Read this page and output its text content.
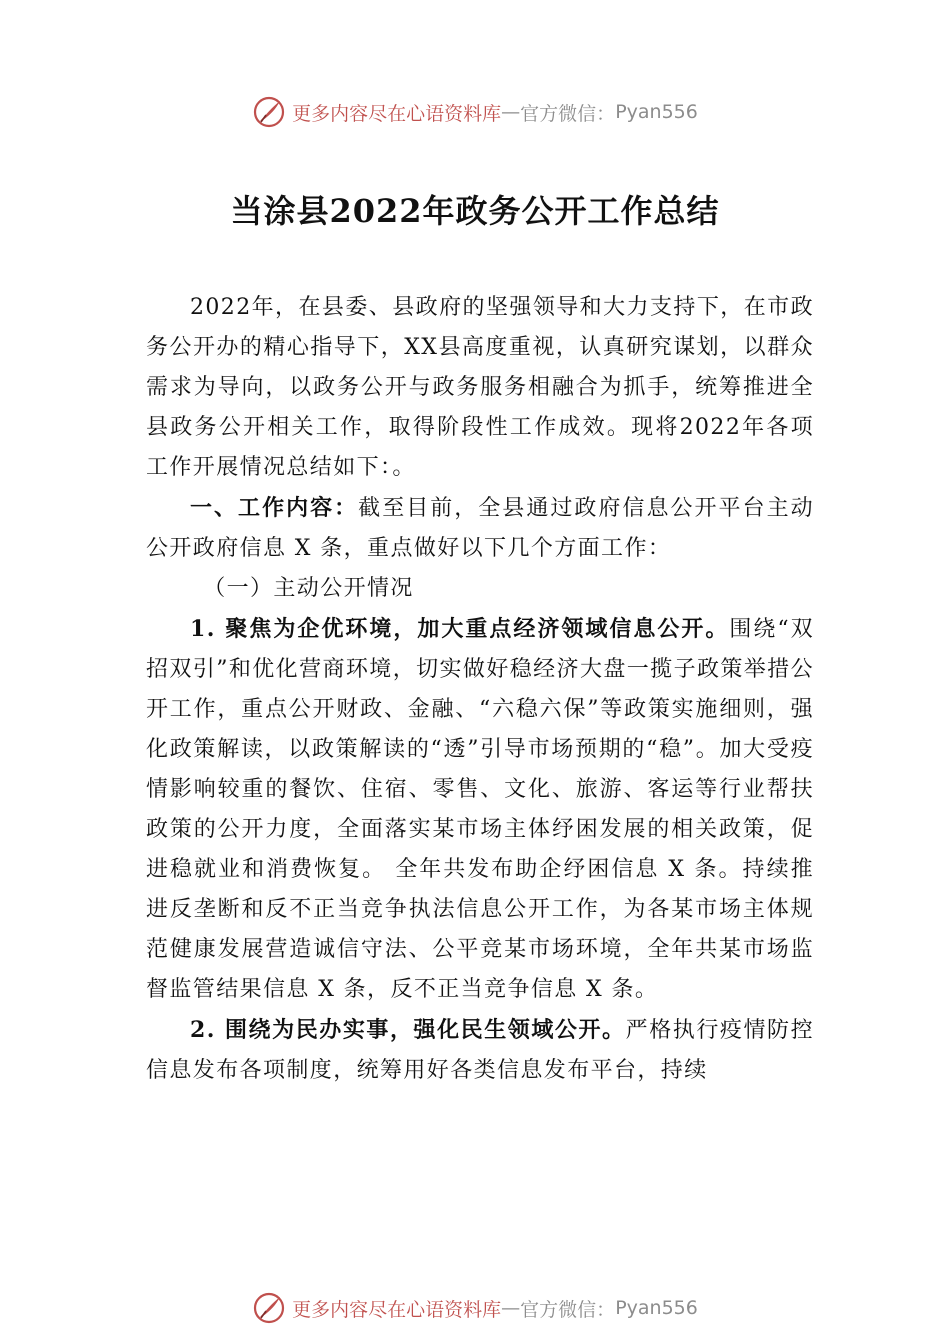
更多内容尽在心语资料库 — 官方微信： Pyan556
当涂县2022年政务公开工作总结

2022年，在县委、县政府的坚强领导和大力支持下，在市政务公开办的精心指导下，XX县高度重视，认真研究谋划，以群众需求为导向，以政务公开与政务服务相融合为抓手，统筹推进全县政务公开相关工作，取得阶段性工作成效。现将2022年各项工作开展情况总结如下：。

一、工作内容：截至目前，全县通过政府信息公开平台主动公开政府信息 X 条，重点做好以下几个方面工作：

（一）主动公开情况

1. 聚焦为企优环境，加大重点经济领域信息公开。围绕“双招双引”和优化营商环境，切实做好稳经济大盘一揽子政策举措公开工作，重点公开财政、金融、“六稳六保”等政策实施细则，强化政策解读，以政策解读的“透”引导市场预期的“稳”。加大受疫情影响较重的餐饮、住宿、零售、文化、旅游、客运等行业帮扶政策的公开力度，全面落实某市场主体纾困发展的相关政策，促进稳就业和消费恢复。 全年共发布助企纾困信息 X 条。持续推进反垄断和反不正当竞争执法信息公开工作，为各某市场主体规范健康发展营造诚信守法、公平竞某市场环境，全年共某市场监督监管结果信息 X 条，反不正当竞争信息 X 条。

2. 围绕为民办实事，强化民生领域公开。严格执行疫情防控信息发布各项制度，统筹用好各类信息发布平台，持续

更多内容尽在心语资料库 — 官方微信： Pyan556
